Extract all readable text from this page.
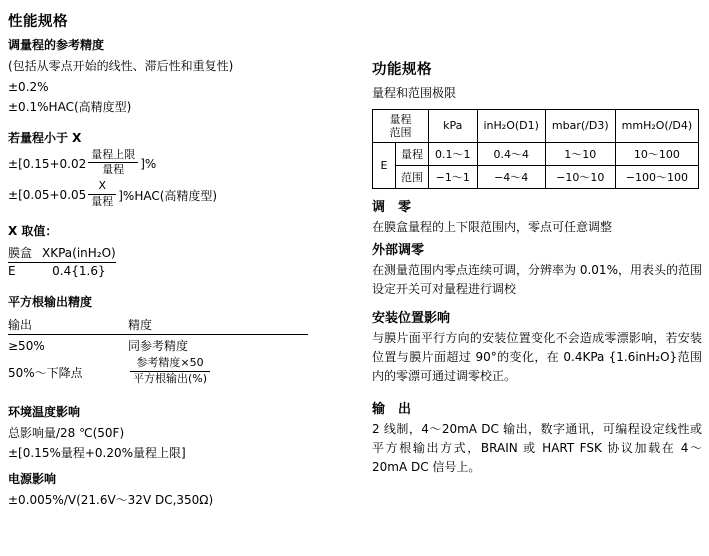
性能规格
调量程的参考精度
(包括从零点开始的线性、滞后性和重复性)
±0.2%
±0.1%HAC(高精度型)
若量程小于 X
± [$0.15+0.02 \frac{\text{量程上限}}{\text{量程}}$ ]%
± $[0.05+0.05 \frac{X}{\text{量程}} ]\%HAC$(高精度型)
X 取值：
膜盒	XKPa(inH₂O)
E	0.4{1.6}
平方根输出精度
输出	精度
≥50%	同参考精度
50%～下降点	$\frac{\text{参考精度×50}}{\text{平方根输出(\%)}}$
环境温度影响
总影响量/28 ℃(50F)
±[0.15%量程+0.20%量程上限]
电源影响
±0.005%/V(21.6V～32V DC,350Ω)
功能规格
量程和范围极限
量程
范围		kPa	inH₂O(D1)	mbar(/D3)	mmH₂O(/D4)
E	量程	0.1～1	0.4～4	1～10	10～100
	范围	−1～1	−4～4	−10～10	−100～100
调　零
在膜盒量程的上下限范围内，零点可任意调整
外部调零
在测量范围内零点连续可调，分辨率为 0.01%，用表头的范围设定开关可对量程进行调校
安装位置影响
与膜片面平行方向的安装位置变化不会造成零漂影响，若安装位置与膜片面超过 90°的变化，在 0.4KPa {1.6inH₂O}范围内的零漂可通过调零校正。
输　出
2 线制，4～20mA DC 输出，数字通讯，可编程设定线性或平方根输出方式，BRAIN 或 HART FSK 协议加载在 4～20mA DC 信号上。
